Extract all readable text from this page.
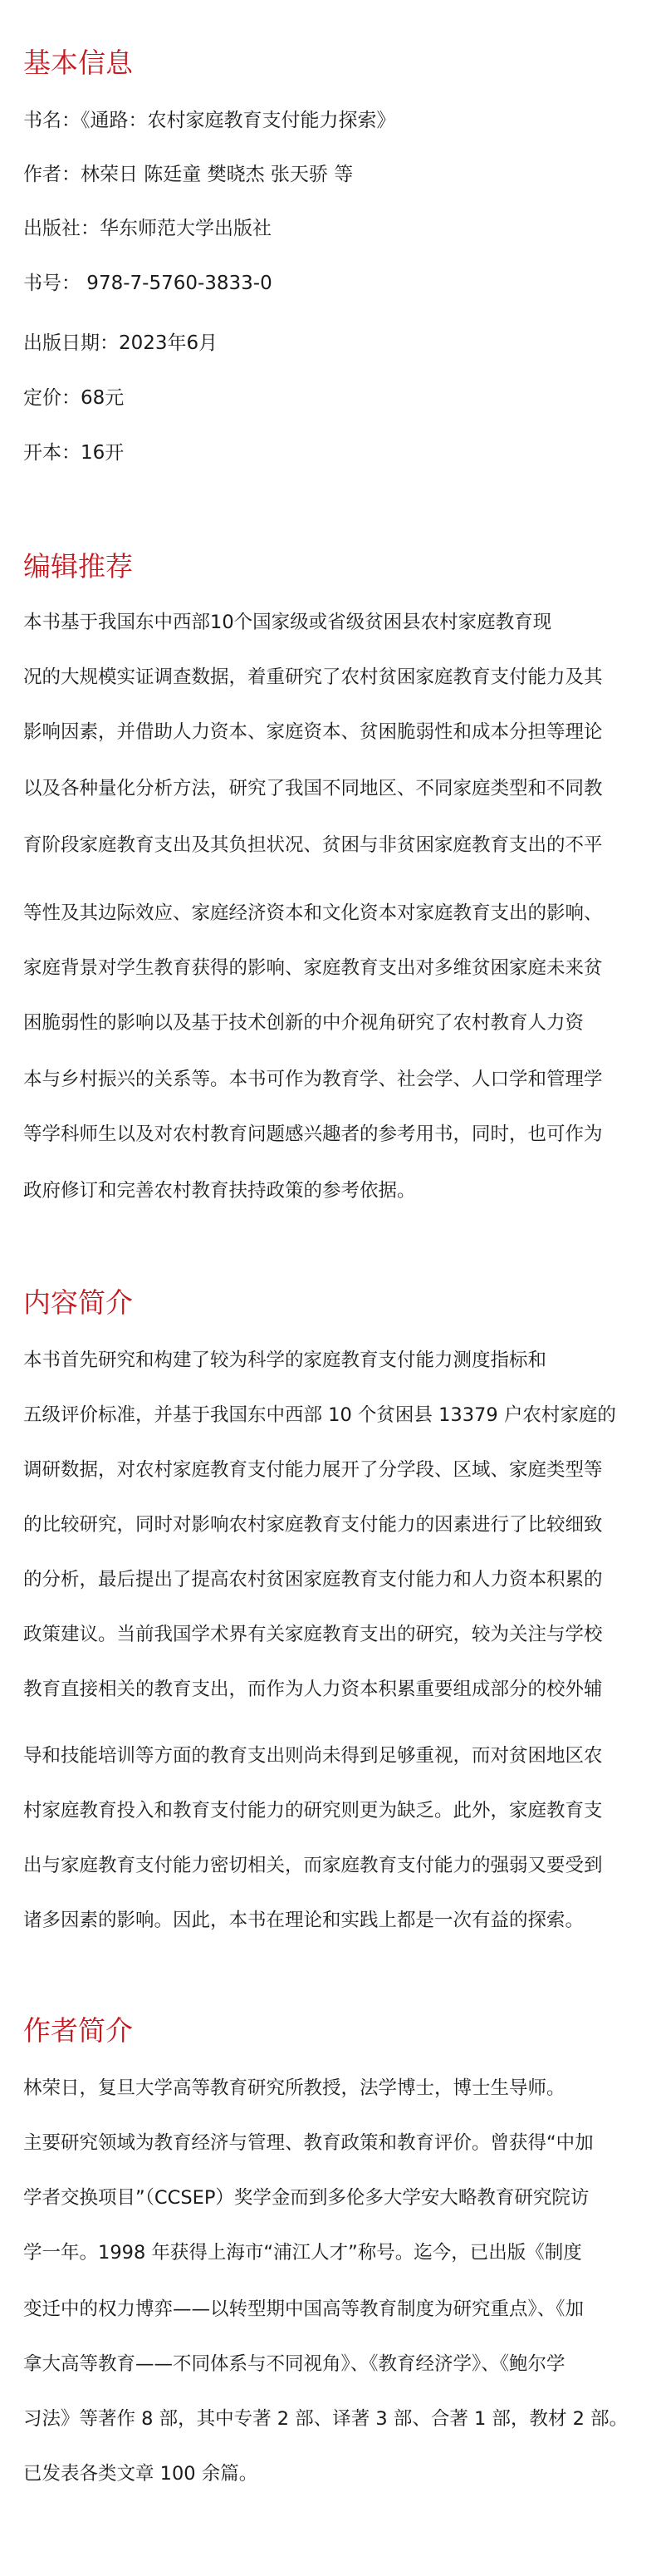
基本信息

书名：《通路：农村家庭教育支付能力探索》

作者：林荣日 陈廷童 樊晓杰 张天骄 等

出版社：华东师范大学出版社

书号： 978-7-5760-3833-0

出版日期：2023年6月

定价：68元

开本：16开

编辑推荐

本书基于我国东中西部10个国家级或省级贫困县农村家庭教育现

况的大规模实证调查数据，着重研究了农村贫困家庭教育支付能力及其

影响因素，并借助人力资本、家庭资本、贫困脆弱性和成本分担等理论

以及各种量化分析方法，研究了我国不同地区、不同家庭类型和不同教

育阶段家庭教育支出及其负担状况、贫困与非贫困家庭教育支出的不平

等性及其边际效应、家庭经济资本和文化资本对家庭教育支出的影响、

家庭背景对学生教育获得的影响、家庭教育支出对多维贫困家庭未来贫

困脆弱性的影响以及基于技术创新的中介视角研究了农村教育人力资

本与乡村振兴的关系等。本书可作为教育学、社会学、人口学和管理学

等学科师生以及对农村教育问题感兴趣者的参考用书，同时，也可作为

政府修订和完善农村教育扶持政策的参考依据。

内容简介

本书首先研究和构建了较为科学的家庭教育支付能力测度指标和

五级评价标准，并基于我国东中西部 10 个贫困县 13379 户农村家庭的

调研数据，对农村家庭教育支付能力展开了分学段、区域、家庭类型等

的比较研究，同时对影响农村家庭教育支付能力的因素进行了比较细致

的分析，最后提出了提高农村贫困家庭教育支付能力和人力资本积累的

政策建议。当前我国学术界有关家庭教育支出的研究，较为关注与学校

教育直接相关的教育支出，而作为人力资本积累重要组成部分的校外辅

导和技能培训等方面的教育支出则尚未得到足够重视，而对贫困地区农

村家庭教育投入和教育支付能力的研究则更为缺乏。此外，家庭教育支

出与家庭教育支付能力密切相关，而家庭教育支付能力的强弱又要受到

诸多因素的影响。因此，本书在理论和实践上都是一次有益的探索。

作者简介

林荣日，复旦大学高等教育研究所教授，法学博士，博士生导师。

主要研究领域为教育经济与管理、教育政策和教育评价。曾获得“中加

学者交换项目”（CCSEP）奖学金而到多伦多大学安大略教育研究院访

学一年。1998 年获得上海市“浦江人才”称号。迄今，已出版《制度

变迁中的权力博弈——以转型期中国高等教育制度为研究重点》、《加

拿大高等教育——不同体系与不同视角》、《教育经济学》、《鲍尔学

习法》等著作 8 部，其中专著 2 部、译著 3 部、合著 1 部，教材 2 部。

已发表各类文章 100 余篇。
